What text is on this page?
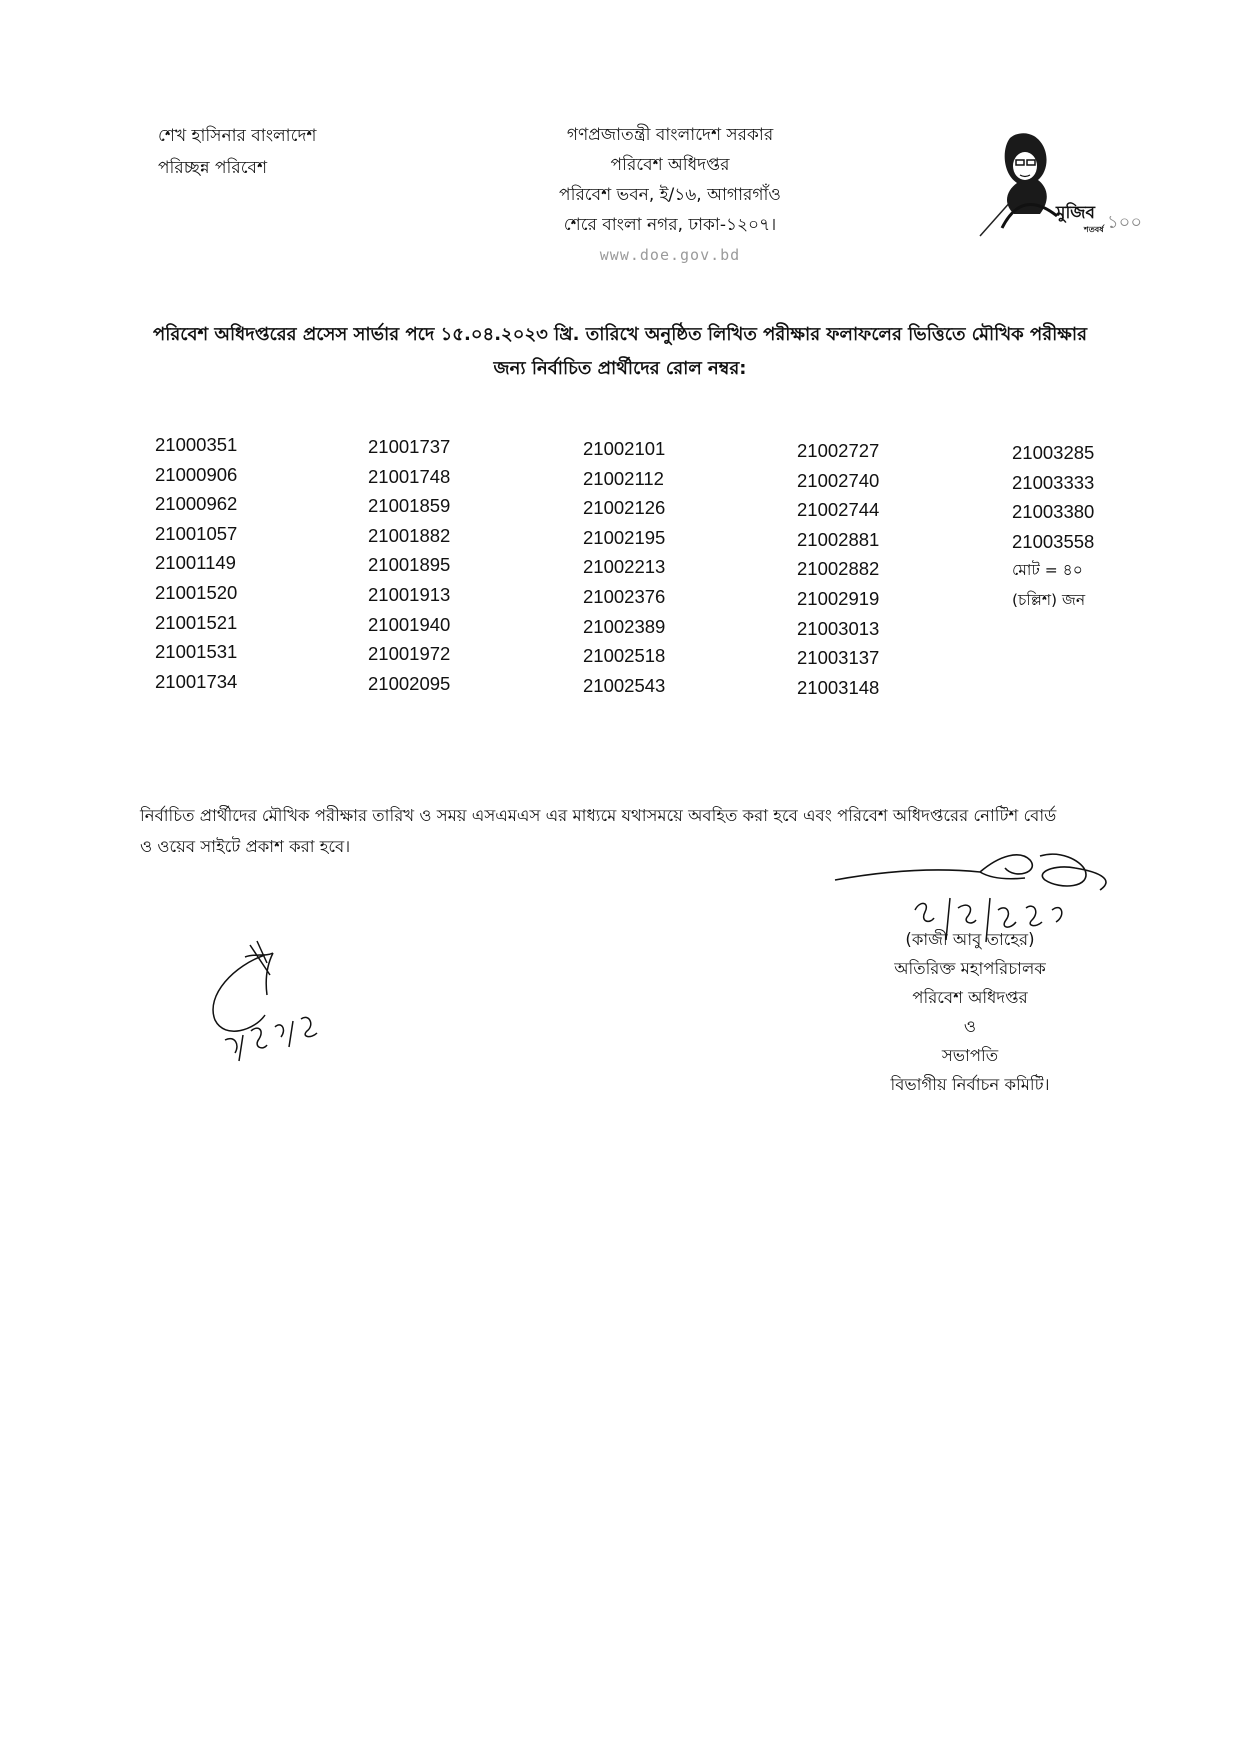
শেখ হাসিনার বাংলাদেশ
পরিচ্ছন্ন পরিবেশ
গণপ্রজাতন্ত্রী বাংলাদেশ সরকার
পরিবেশ অধিদপ্তর
পরিবেশ ভবন, ই/১৬, আগারগাঁও
শেরে বাংলা নগর, ঢাকা-১২০৭।
www.doe.gov.bd
মুজিব
শতবর্ষ ১০০
পরিবেশ অধিদপ্তরের প্রসেস সার্ভার পদে ১৫.০৪.২০২৩ খ্রি. তারিখে অনুষ্ঠিত লিখিত পরীক্ষার ফলাফলের ভিত্তিতে মৌখিক পরীক্ষার
জন্য নির্বাচিত প্রার্থীদের রোল নম্বর:
21000351
21000906
21000962
21001057
21001149
21001520
21001521
21001531
21001734
21001737
21001748
21001859
21001882
21001895
21001913
21001940
21001972
21002095
21002101
21002112
21002126
21002195
21002213
21002376
21002389
21002518
21002543
21002727
21002740
21002744
21002881
21002882
21002919
21003013
21003137
21003148
21003285
21003333
21003380
21003558
মোট = ৪০
(চল্লিশ) জন
নির্বাচিত প্রার্থীদের মৌখিক পরীক্ষার তারিখ ও সময় এসএমএস এর মাধ্যমে যথাসময়ে অবহিত করা হবে এবং পরিবেশ অধিদপ্তরের নোটিশ বোর্ড
ও ওয়েব সাইটে প্রকাশ করা হবে।
(কাজী আবু তাহের)
অতিরিক্ত মহাপরিচালক
পরিবেশ অধিদপ্তর
ও
সভাপতি
বিভাগীয় নির্বাচন কমিটি।
